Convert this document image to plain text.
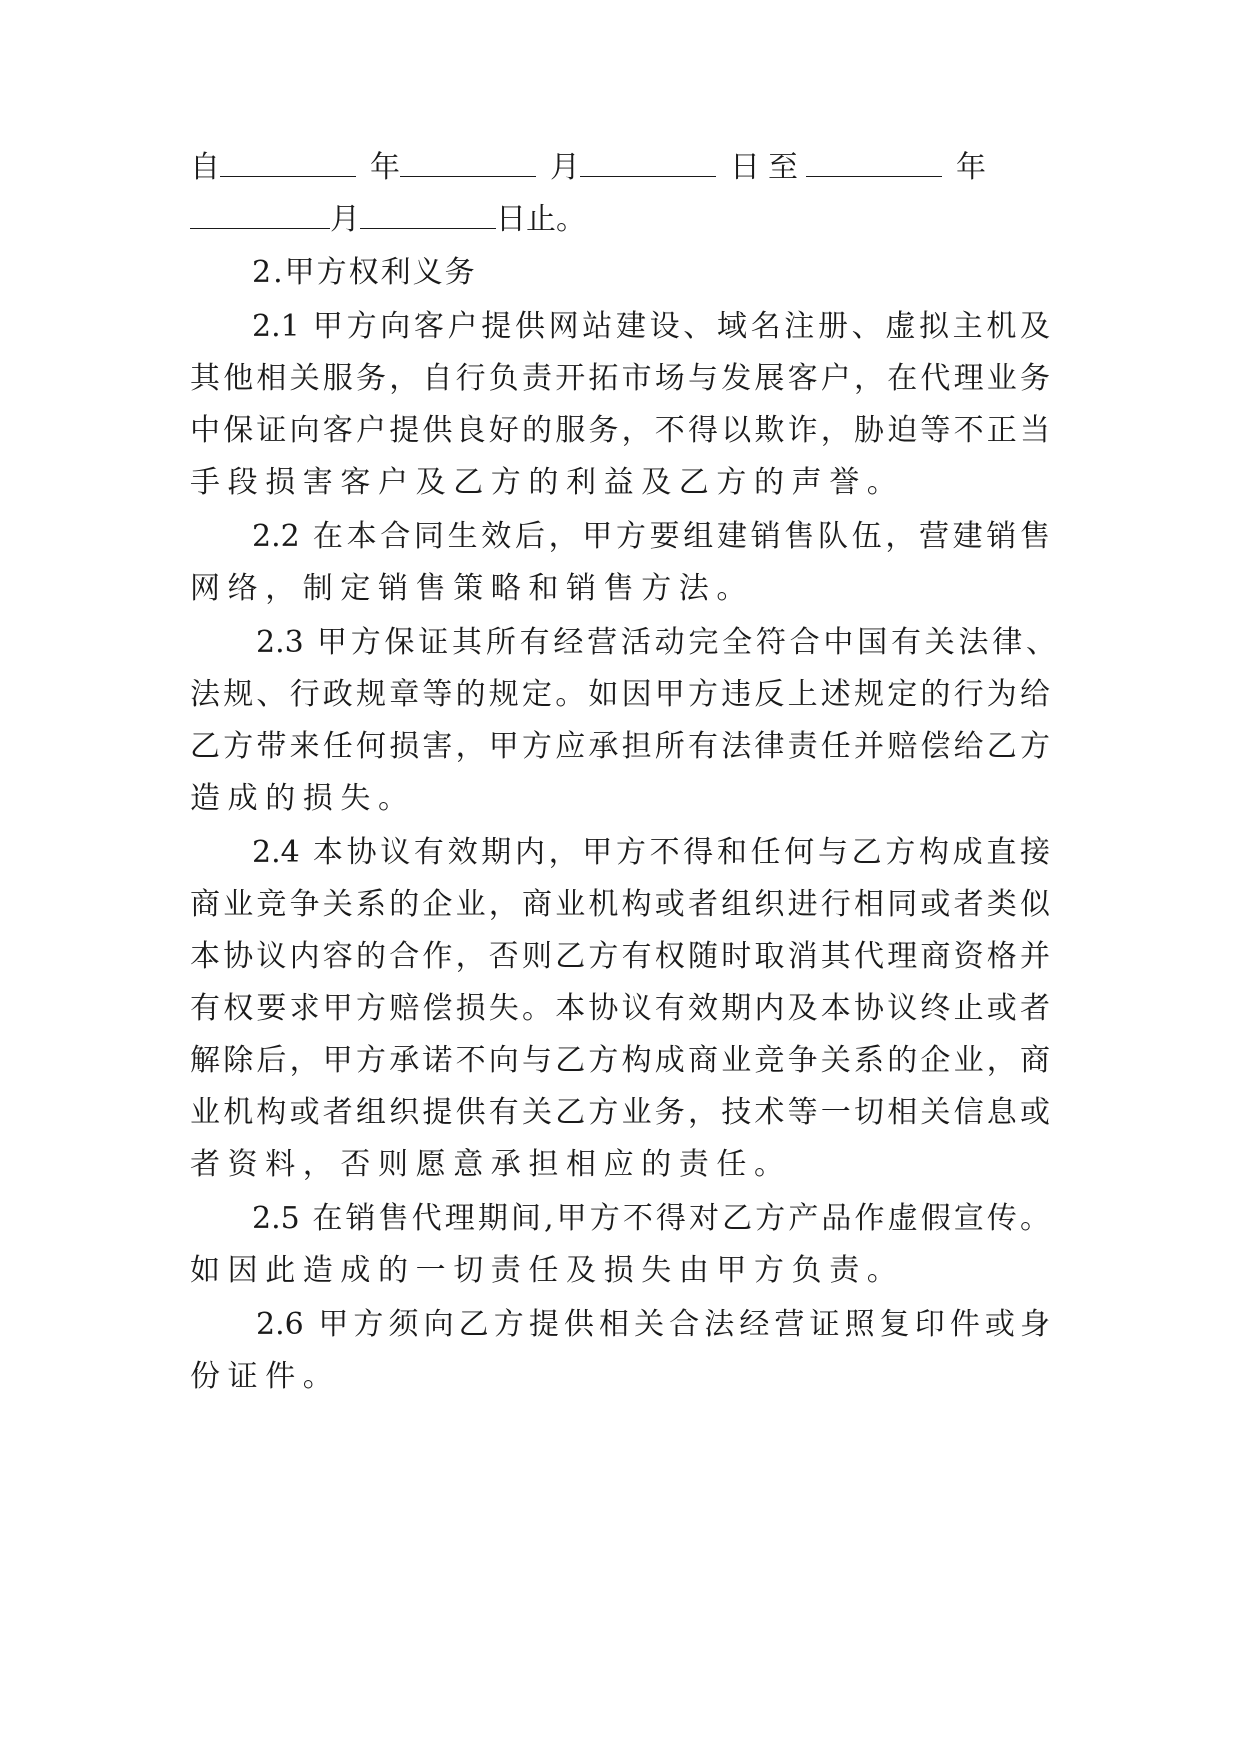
自	年	月	日至	年
月	日止。
2.甲方权利义务
2.1 甲方向客户提供网站建设、域名注册、虚拟主机及
其他相关服务，自行负责开拓市场与发展客户，在代理业务
中保证向客户提供良好的服务，不得以欺诈，胁迫等不正当
手段损害客户及乙方的利益及乙方的声誉。
2.2 在本合同生效后，甲方要组建销售队伍，营建销售
网络，制定销售策略和销售方法。
2.3 甲方保证其所有经营活动完全符合中国有关法律、
法规、行政规章等的规定。如因甲方违反上述规定的行为给
乙方带来任何损害，甲方应承担所有法律责任并赔偿给乙方
造成的损失。
2.4 本协议有效期内，甲方不得和任何与乙方构成直接
商业竞争关系的企业，商业机构或者组织进行相同或者类似
本协议内容的合作，否则乙方有权随时取消其代理商资格并
有权要求甲方赔偿损失。本协议有效期内及本协议终止或者
解除后，甲方承诺不向与乙方构成商业竞争关系的企业，商
业机构或者组织提供有关乙方业务，技术等一切相关信息或
者资料，否则愿意承担相应的责任。
2.5 在销售代理期间,甲方不得对乙方产品作虚假宣传。
如因此造成的一切责任及损失由甲方负责。
2.6 甲方须向乙方提供相关合法经营证照复印件或身
份证件。
